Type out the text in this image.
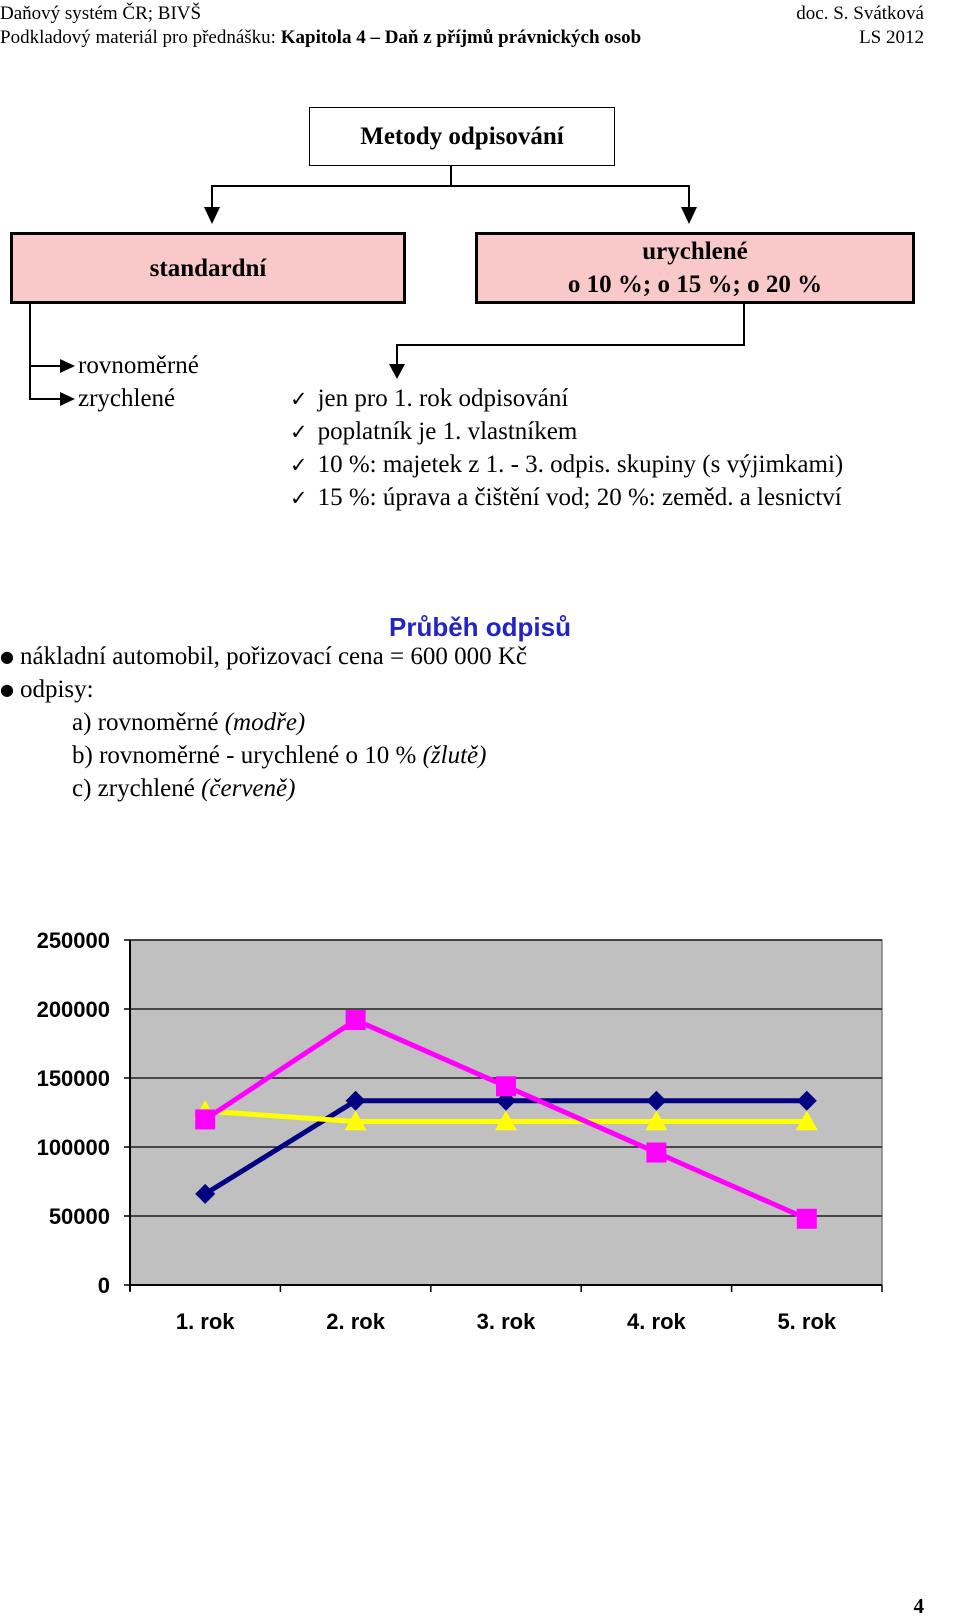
Daňový systém ČR; BIVŠ	doc. S. Svátková
Podkladový materiál pro přednášku: Kapitola 4 – Daň z příjmů právnických osob	LS 2012
Metody odpisování
standardní
urychlené
o 10 %; o 15 %; o 20 %
rovnoměrné
zrychlené	✓ jen pro 1. rok odpisování
✓ poplatník je 1. vlastníkem
✓ 10 %: majetek z 1. - 3. odpis. skupiny (s výjimkami)
✓ 15 %: úprava a čištění vod; 20 %: zeměd. a lesnictví
Průběh odpisů
● nákladní automobil, pořizovací cena = 600 000 Kč
● odpisy:
a) rovnoměrné (modře)
b) rovnoměrné - urychlené o 10 % (žlutě)
c) zrychlené (červeně)
0
50000
100000
150000
200000
250000
1. rok	2. rok	3. rok	4. rok	5. rok
4
